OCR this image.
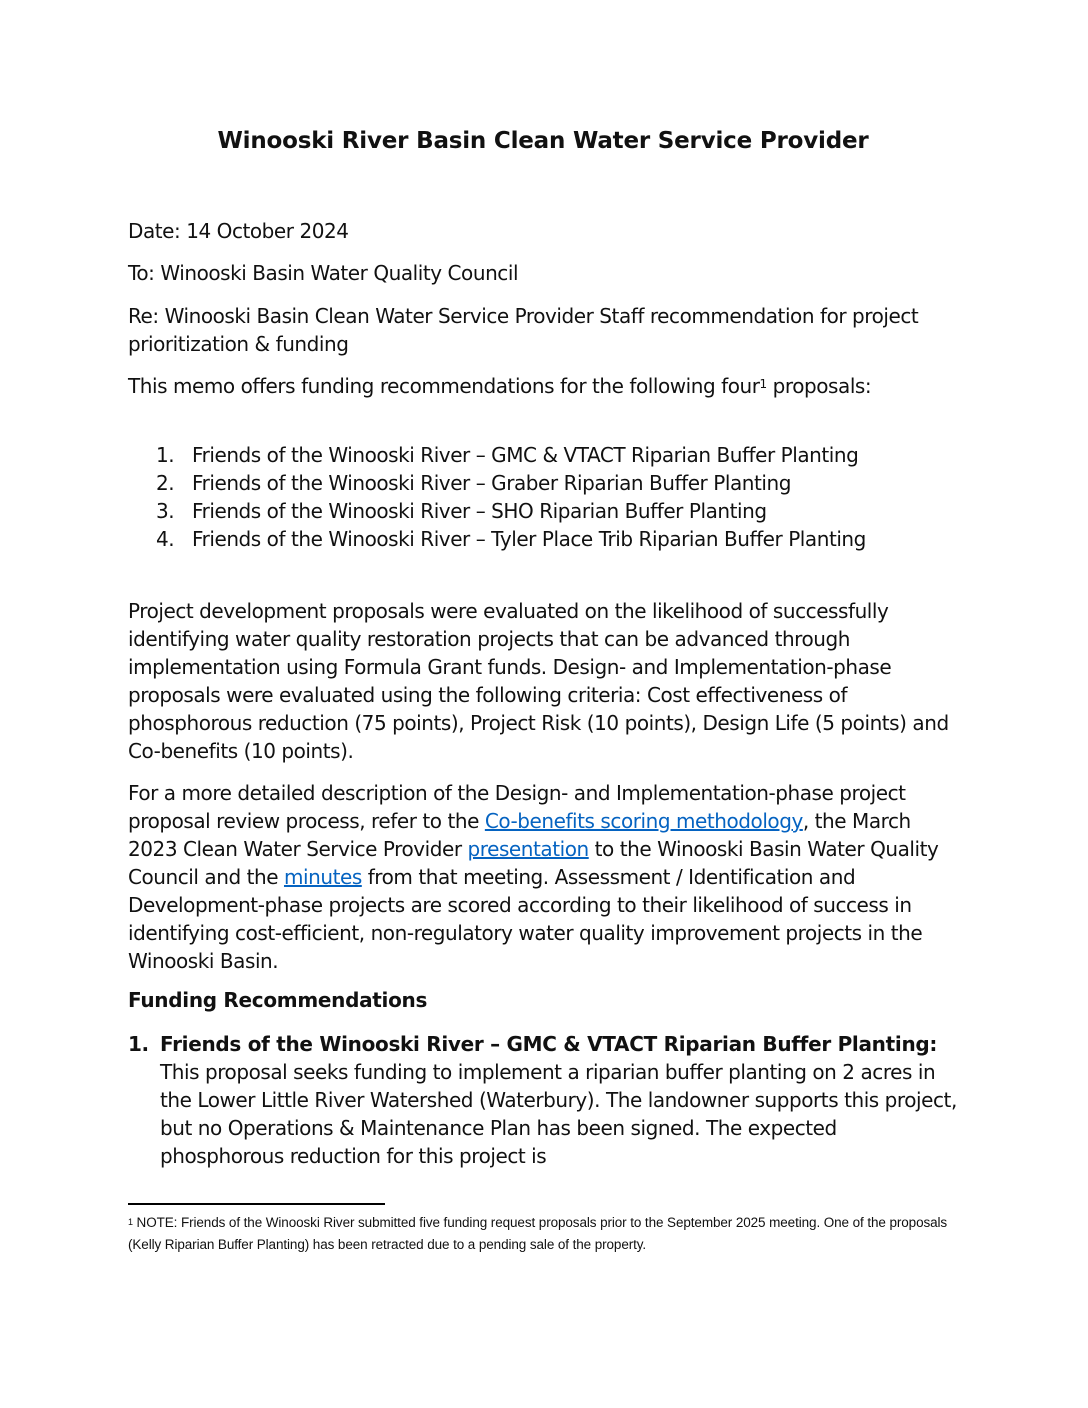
Winooski River Basin Clean Water Service Provider
Date: 14 October 2024
To: Winooski Basin Water Quality Council
Re: Winooski Basin Clean Water Service Provider Staff recommendation for project prioritization & funding
This memo offers funding recommendations for the following four$^1$ proposals:
1. Friends of the Winooski River – GMC & VTACT Riparian Buffer Planting
2. Friends of the Winooski River – Graber Riparian Buffer Planting
3. Friends of the Winooski River – SHO Riparian Buffer Planting
4. Friends of the Winooski River – Tyler Place Trib Riparian Buffer Planting
Project development proposals were evaluated on the likelihood of successfully identifying water quality restoration projects that can be advanced through implementation using Formula Grant funds. Design- and Implementation-phase proposals were evaluated using the following criteria: Cost effectiveness of phosphorous reduction (75 points), Project Risk (10 points), Design Life (5 points) and Co-benefits (10 points).
For a more detailed description of the Design- and Implementation-phase project proposal review process, refer to the Co-benefits scoring methodology, the March 2023 Clean Water Service Provider presentation to the Winooski Basin Water Quality Council and the minutes from that meeting. Assessment / Identification and Development-phase projects are scored according to their likelihood of success in identifying cost-efficient, non-regulatory water quality improvement projects in the Winooski Basin.
Funding Recommendations
1. Friends of the Winooski River – GMC & VTACT Riparian Buffer Planting: This proposal seeks funding to implement a riparian buffer planting on 2 acres in the Lower Little River Watershed (Waterbury). The landowner supports this project, but no Operations & Maintenance Plan has been signed. The expected phosphorous reduction for this project is
$^1$ NOTE: Friends of the Winooski River submitted five funding request proposals prior to the September 2025 meeting. One of the proposals (Kelly Riparian Buffer Planting) has been retracted due to a pending sale of the property.
